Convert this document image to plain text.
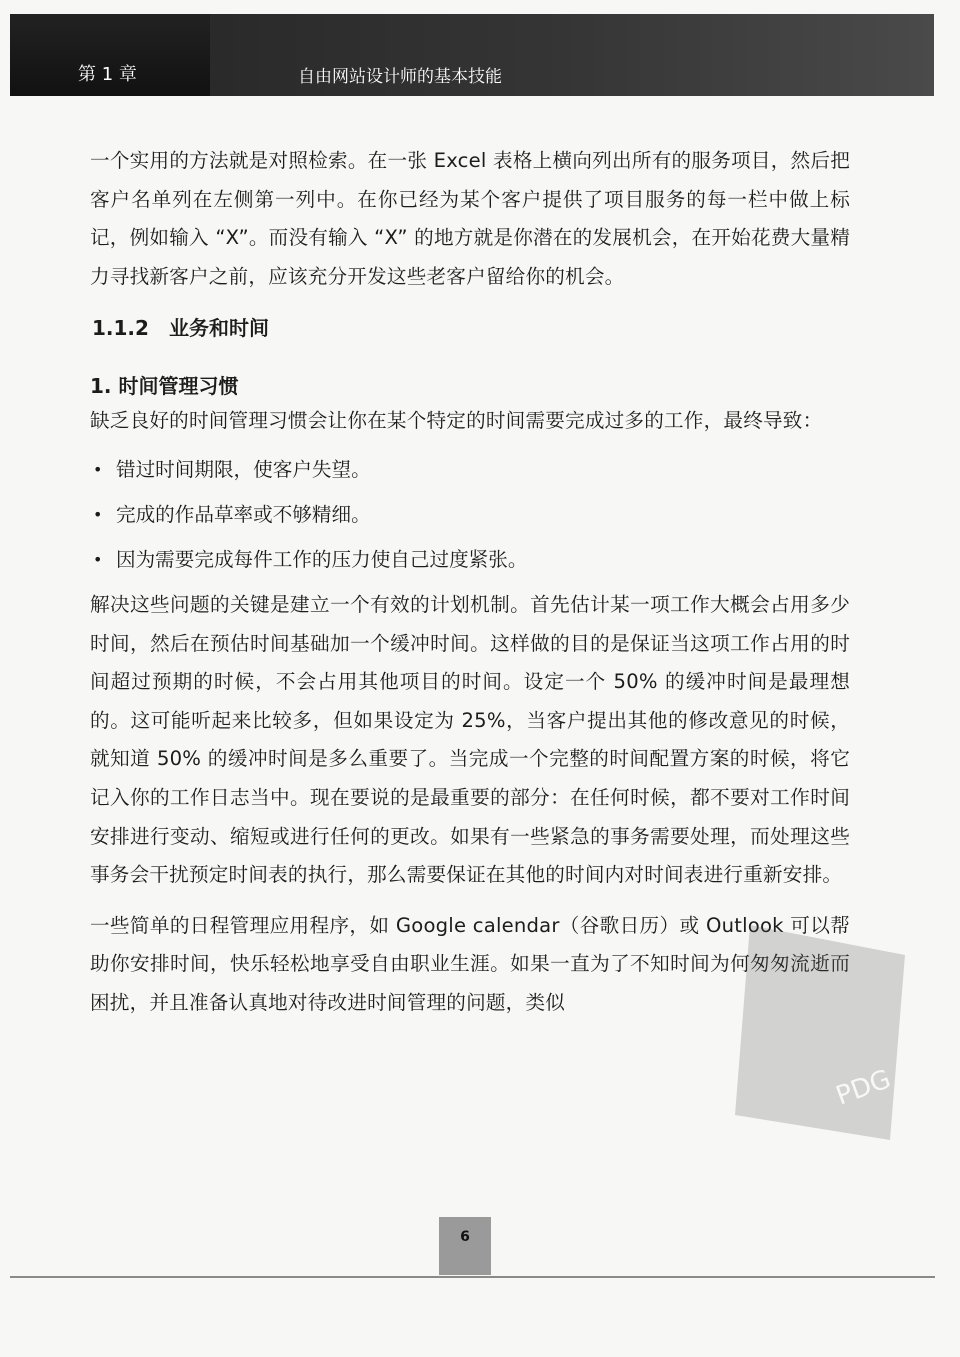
第 1 章	自由网站设计师的基本技能

一个实用的方法就是对照检索。在一张 Excel 表格上横向列出所有的服务项目，然后把客户名单列在左侧第一列中。在你已经为某个客户提供了项目服务的每一栏中做上标记，例如输入 “X”。而没有输入 “X” 的地方就是你潜在的发展机会，在开始花费大量精力寻找新客户之前，应该充分开发这些老客户留给你的机会。

1.1.2　业务和时间
1. 时间管理习惯

缺乏良好的时间管理习惯会让你在某个特定的时间需要完成过多的工作，最终导致：

• 错过时间期限，使客户失望。
• 完成的作品草率或不够精细。
• 因为需要完成每件工作的压力使自己过度紧张。

解决这些问题的关键是建立一个有效的计划机制。首先估计某一项工作大概会占用多少时间，然后在预估时间基础加一个缓冲时间。这样做的目的是保证当这项工作占用的时间超过预期的时候，不会占用其他项目的时间。设定一个 50% 的缓冲时间是最理想的。这可能听起来比较多，但如果设定为 25%，当客户提出其他的修改意见的时候，就知道 50% 的缓冲时间是多么重要了。当完成一个完整的时间配置方案的时候，将它记入你的工作日志当中。现在要说的是最重要的部分：在任何时候，都不要对工作时间安排进行变动、缩短或进行任何的更改。如果有一些紧急的事务需要处理，而处理这些事务会干扰预定时间表的执行，那么需要保证在其他的时间内对时间表进行重新安排。

一些简单的日程管理应用程序，如 Google calendar（谷歌日历）或 Outlook 可以帮助你安排时间，快乐轻松地享受自由职业生涯。如果一直为了不知时间为何匆匆流逝而困扰，并且准备认真地对待改进时间管理的问题，类似

PDG
6
